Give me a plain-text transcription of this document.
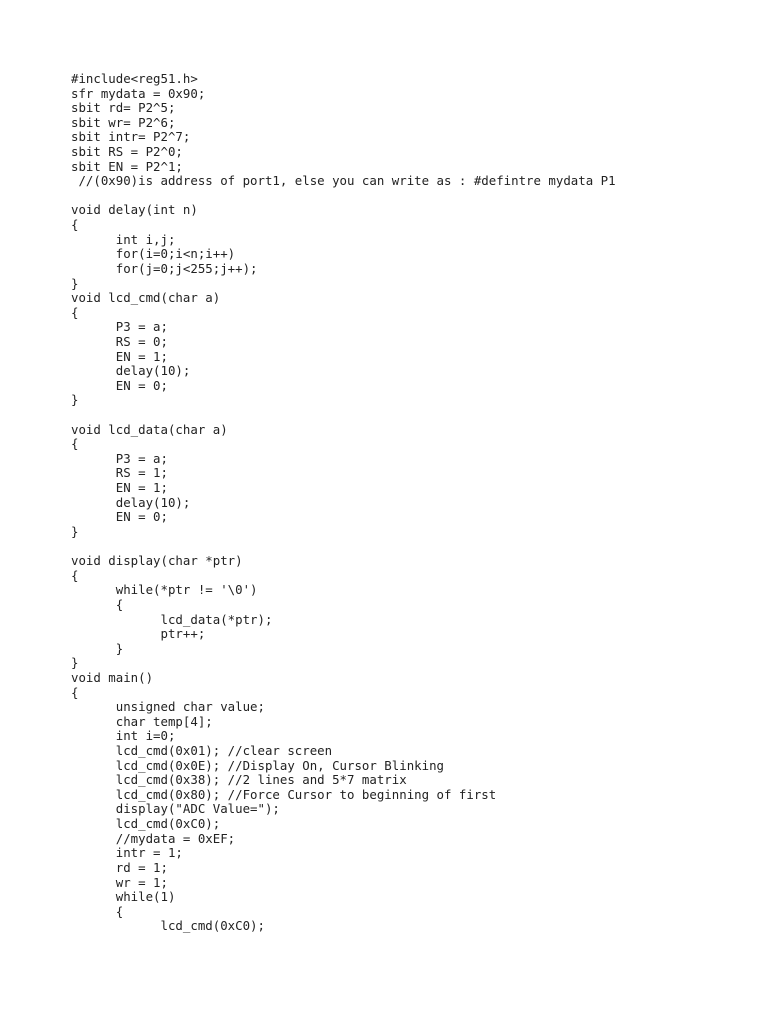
#include<reg51.h>
sfr mydata = 0x90;
sbit rd= P2^5;
sbit wr= P2^6;
sbit intr= P2^7;
sbit RS = P2^0;
sbit EN = P2^1;
//(0x90)is address of port1, else you can write as : #defintre mydata P1
void delay(int n)
{
int i,j;
for(i=0;i<n;i++)
for(j=0;j<255;j++);
}
void lcd_cmd(char a)
{
P3 = a;
RS = 0;
EN = 1;
delay(10);
EN = 0;
}
void lcd_data(char a)
{
P3 = a;
RS = 1;
EN = 1;
delay(10);
EN = 0;
}
void display(char *ptr)
{
while(*ptr != '\0')
{
lcd_data(*ptr);
ptr++;
}
}
void main()
{
unsigned char value;
char temp[4];
int i=0;
lcd_cmd(0x01); //clear screen
lcd_cmd(0x0E); //Display On, Cursor Blinking
lcd_cmd(0x38); //2 lines and 5*7 matrix
lcd_cmd(0x80); //Force Cursor to beginning of first
display("ADC Value=");
lcd_cmd(0xC0);
//mydata = 0xEF;
intr = 1;
rd = 1;
wr = 1;
while(1)
{
lcd_cmd(0xC0);
